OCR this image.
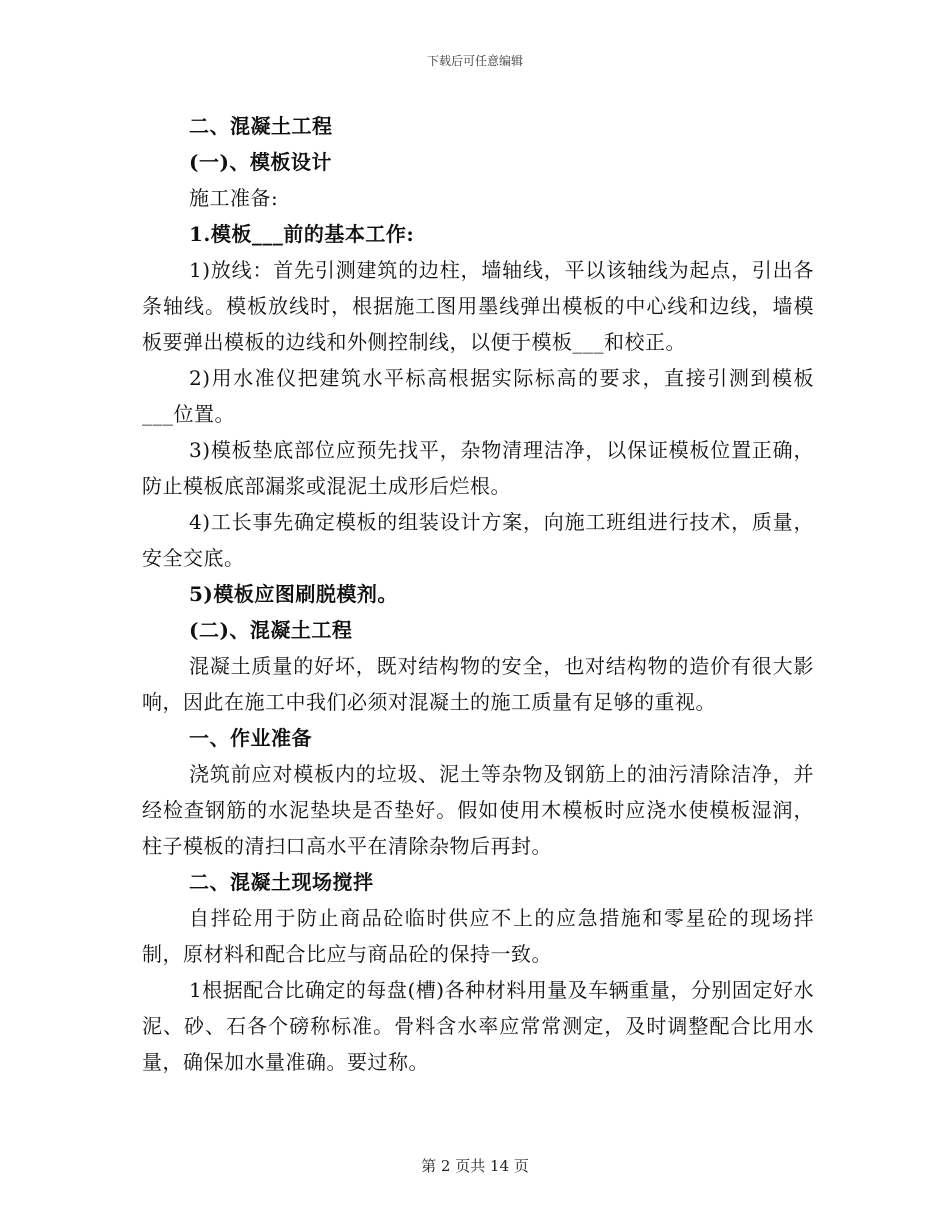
下载后可任意编辑
二、混凝土工程
(一)、模板设计
施工准备:
1.模板___前的基本工作:
1)放线：首先引测建筑的边柱，墙轴线，平以该轴线为起点，引出各条轴线。模板放线时，根据施工图用墨线弹出模板的中心线和边线，墙模板要弹出模板的边线和外侧控制线，以便于模板___和校正。
2)用水准仪把建筑水平标高根据实际标高的要求，直接引测到模板___位置。
3)模板垫底部位应预先找平，杂物清理洁净，以保证模板位置正确，防止模板底部漏浆或混泥土成形后烂根。
4)工长事先确定模板的组装设计方案，向施工班组进行技术，质量，安全交底。
5)模板应图刷脱模剂。
(二)、混凝土工程
混凝土质量的好坏，既对结构物的安全，也对结构物的造价有很大影响，因此在施工中我们必须对混凝土的施工质量有足够的重视。
一、作业准备
浇筑前应对模板内的垃圾、泥土等杂物及钢筋上的油污清除洁净，并经检查钢筋的水泥垫块是否垫好。假如使用木模板时应浇水使模板湿润，柱子模板的清扫口高水平在清除杂物后再封。
二、混凝土现场搅拌
自拌砼用于防止商品砼临时供应不上的应急措施和零星砼的现场拌制，原材料和配合比应与商品砼的保持一致。
1根据配合比确定的每盘(槽)各种材料用量及车辆重量，分别固定好水泥、砂、石各个磅称标准。骨料含水率应常常测定，及时调整配合比用水量，确保加水量准确。要过称。
第 2 页共 14 页
